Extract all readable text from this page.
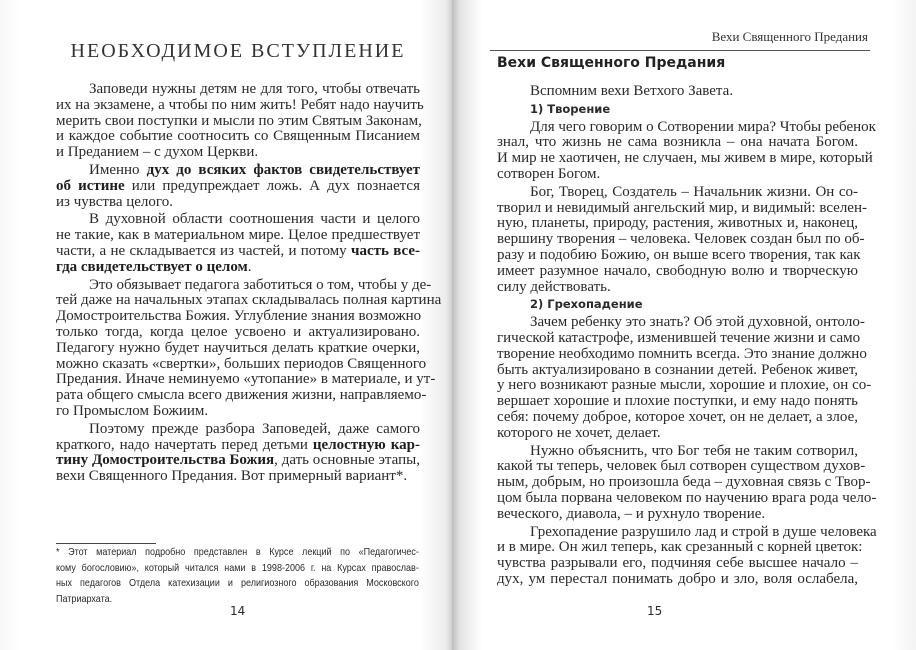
НЕОБХОДИМОЕ ВСТУПЛЕНИЕ
Заповеди нужны детям не для того, чтобы отвечать
их на экзамене, а чтобы по ним жить! Ребят надо научить
мерить свои поступки и мысли по этим Святым Законам,
и каждое событие соотносить со Священным Писанием
и Преданием – с духом Церкви.
Именно дух до всяких фактов свидетельствует
об истине или предупреждает ложь. А дух познается
из чувства целого.
В духовной области соотношения части и целого
не такие, как в материальном мире. Целое предшествует
части, а не складывается из частей, и потому часть все-
гда свидетельствует о целом.
Это обязывает педагога заботиться о том, чтобы у де-
тей даже на начальных этапах складывалась полная картина
Домостроительства Божия. Углубление знания возможно
только тогда, когда целое усвоено и актуализировано.
Педагогу нужно будет научиться делать краткие очерки,
можно сказать «свертки», больших периодов Священного
Предания. Иначе неминуемо «утопание» в материале, и ут-
рата общего смысла всего движения жизни, направляемо-
го Промыслом Божиим.
Поэтому прежде разбора Заповедей, даже самого
краткого, надо начертать перед детьми целостную кар-
тину Домостроительства Божия, дать основные этапы,
вехи Священного Предания. Вот примерный вариант*.
* Этот материал подробно представлен в Курсе лекций по «Педагогичес-
кому богословию», который читался нами в 1998-2006 г. на Курсах православ-
ных педагогов Отдела катехизации и религиозного образования Московского
Патриархата.
14
Вехи Священного Предания
Вехи Священного Предания
Вспомним вехи Ветхого Завета.
1) Творение
Для чего говорим о Сотворении мира? Чтобы ребенок
знал, что жизнь не сама возникла – она начата Богом.
И мир не хаотичен, не случаен, мы живем в мире, который
сотворен Богом.
Бог, Творец, Создатель – Начальник жизни. Он со-
творил и невидимый ангельский мир, и видимый: вселен-
ную, планеты, природу, растения, животных и, наконец,
вершину творения – человека. Человек создан был по об-
разу и подобию Божию, он выше всего творения, так как
имеет разумное начало, свободную волю и творческую
силу действовать.
2) Грехопадение
Зачем ребенку это знать? Об этой духовной, онтоло-
гической катастрофе, изменившей течение жизни и само
творение необходимо помнить всегда. Это знание должно
быть актуализировано в сознании детей. Ребенок живет,
у него возникают разные мысли, хорошие и плохие, он со-
вершает хорошие и плохие поступки, и ему надо понять
себя: почему доброе, которое хочет, он не делает, а злое,
которого не хочет, делает.
Нужно объяснить, что Бог тебя не таким сотворил,
какой ты теперь, человек был сотворен существом духов-
ным, добрым, но произошла беда – духовная связь с Твор-
цом была порвана человеком по научению врага рода чело-
веческого, диавола, – и рухнуло творение.
Грехопадение разрушило лад и строй в душе человека
и в мире. Он жил теперь, как срезанный с корней цветок:
чувства разрывали его, подчиняя себе высшее начало –
дух, ум перестал понимать добро и зло, воля ослабела,
15
